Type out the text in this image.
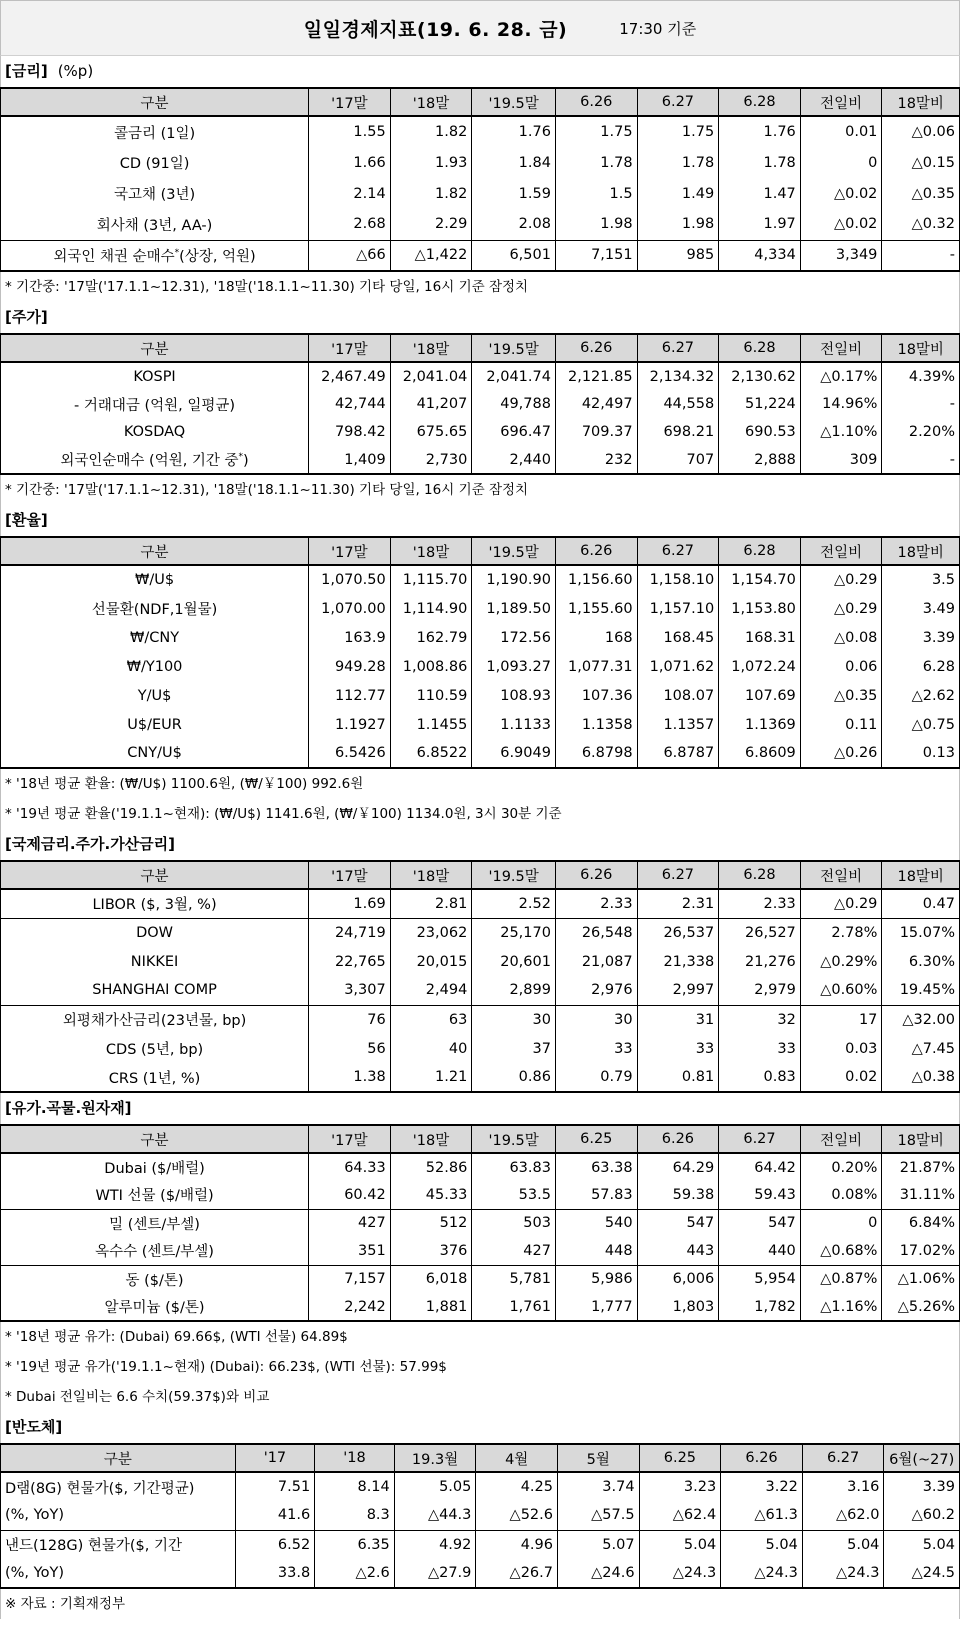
일일경제지표(19. 6. 28. 금)	17:30 기준
[금리] (%p)
구분	'17말	'18말	'19.5말	6.26	6.27	6.28	전일비	18말비
콜금리 (1일)	1.55	1.82	1.76	1.75	1.75	1.76	0.01	△0.06
CD (91일)	1.66	1.93	1.84	1.78	1.78	1.78	0	△0.15
국고채 (3년)	2.14	1.82	1.59	1.5	1.49	1.47	△0.02	△0.35
회사채 (3년, AA-)	2.68	2.29	2.08	1.98	1.98	1.97	△0.02	△0.32
외국인 채권 순매수*(상장, 억원)	△66	△1,422	6,501	7,151	985	4,334	3,349	-
* 기간중: '17말('17.1.1~12.31), '18말('18.1.1~11.30) 기타 당일, 16시 기준 잠정치
[주가]
구분	'17말	'18말	'19.5말	6.26	6.27	6.28	전일비	18말비
KOSPI	2,467.49	2,041.04	2,041.74	2,121.85	2,134.32	2,130.62	△0.17%	4.39%
- 거래대금 (억원, 일평균)	42,744	41,207	49,788	42,497	44,558	51,224	14.96%	-
KOSDAQ	798.42	675.65	696.47	709.37	698.21	690.53	△1.10%	2.20%
외국인순매수 (억원, 기간 중*)	1,409	2,730	2,440	232	707	2,888	309	-
* 기간중: '17말('17.1.1~12.31), '18말('18.1.1~11.30) 기타 당일, 16시 기준 잠정치
[환율]
구분	'17말	'18말	'19.5말	6.26	6.27	6.28	전일비	18말비
₩/U$	1,070.50	1,115.70	1,190.90	1,156.60	1,158.10	1,154.70	△0.29	3.5
선물환(NDF,1월물)	1,070.00	1,114.90	1,189.50	1,155.60	1,157.10	1,153.80	△0.29	3.49
₩/CNY	163.9	162.79	172.56	168	168.45	168.31	△0.08	3.39
₩/Y100	949.28	1,008.86	1,093.27	1,077.31	1,071.62	1,072.24	0.06	6.28
Y/U$	112.77	110.59	108.93	107.36	108.07	107.69	△0.35	△2.62
U$/EUR	1.1927	1.1455	1.1133	1.1358	1.1357	1.1369	0.11	△0.75
CNY/U$	6.5426	6.8522	6.9049	6.8798	6.8787	6.8609	△0.26	0.13
* '18년 평균 환율: (₩/U$) 1100.6원, (₩/￥100) 992.6원
* '19년 평균 환율('19.1.1~현재): (₩/U$) 1141.6원, (₩/￥100) 1134.0원, 3시 30분 기준
[국제금리.주가.가산금리]
구분	'17말	'18말	'19.5말	6.26	6.27	6.28	전일비	18말비
LIBOR ($, 3월, %)	1.69	2.81	2.52	2.33	2.31	2.33	△0.29	0.47
DOW	24,719	23,062	25,170	26,548	26,537	26,527	2.78%	15.07%
NIKKEI	22,765	20,015	20,601	21,087	21,338	21,276	△0.29%	6.30%
SHANGHAI COMP	3,307	2,494	2,899	2,976	2,997	2,979	△0.60%	19.45%
외평채가산금리(23년물, bp)	76	63	30	30	31	32	17	△32.00
CDS (5년, bp)	56	40	37	33	33	33	0.03	△7.45
CRS (1년, %)	1.38	1.21	0.86	0.79	0.81	0.83	0.02	△0.38
[유가.곡물.원자재]
구분	'17말	'18말	'19.5말	6.25	6.26	6.27	전일비	18말비
Dubai ($/배럴)	64.33	52.86	63.83	63.38	64.29	64.42	0.20%	21.87%
WTI 선물 ($/배럴)	60.42	45.33	53.5	57.83	59.38	59.43	0.08%	31.11%
밀 (센트/부셀)	427	512	503	540	547	547	0	6.84%
옥수수 (센트/부셀)	351	376	427	448	443	440	△0.68%	17.02%
동 ($/톤)	7,157	6,018	5,781	5,986	6,006	5,954	△0.87%	△1.06%
알루미늄 ($/톤)	2,242	1,881	1,761	1,777	1,803	1,782	△1.16%	△5.26%
* '18년 평균 유가: (Dubai) 69.66$, (WTI 선물) 64.89$
* '19년 평균 유가('19.1.1~현재) (Dubai): 66.23$, (WTI 선물): 57.99$
* Dubai 전일비는 6.6 수치(59.37$)와 비교
[반도체]
구분	'17	'18	19.3월	4월	5월	6.25	6.26	6.27	6월(~27)
D램(8G) 현물가($, 기간평균)	7.51	8.14	5.05	4.25	3.74	3.23	3.22	3.16	3.39
(%, YoY)	41.6	8.3	△44.3	△52.6	△57.5	△62.4	△61.3	△62.0	△60.2
낸드(128G) 현물가($, 기간	6.52	6.35	4.92	4.96	5.07	5.04	5.04	5.04	5.04
(%, YoY)	33.8	△2.6	△27.9	△26.7	△24.6	△24.3	△24.3	△24.3	△24.5
※ 자료 : 기획재정부
